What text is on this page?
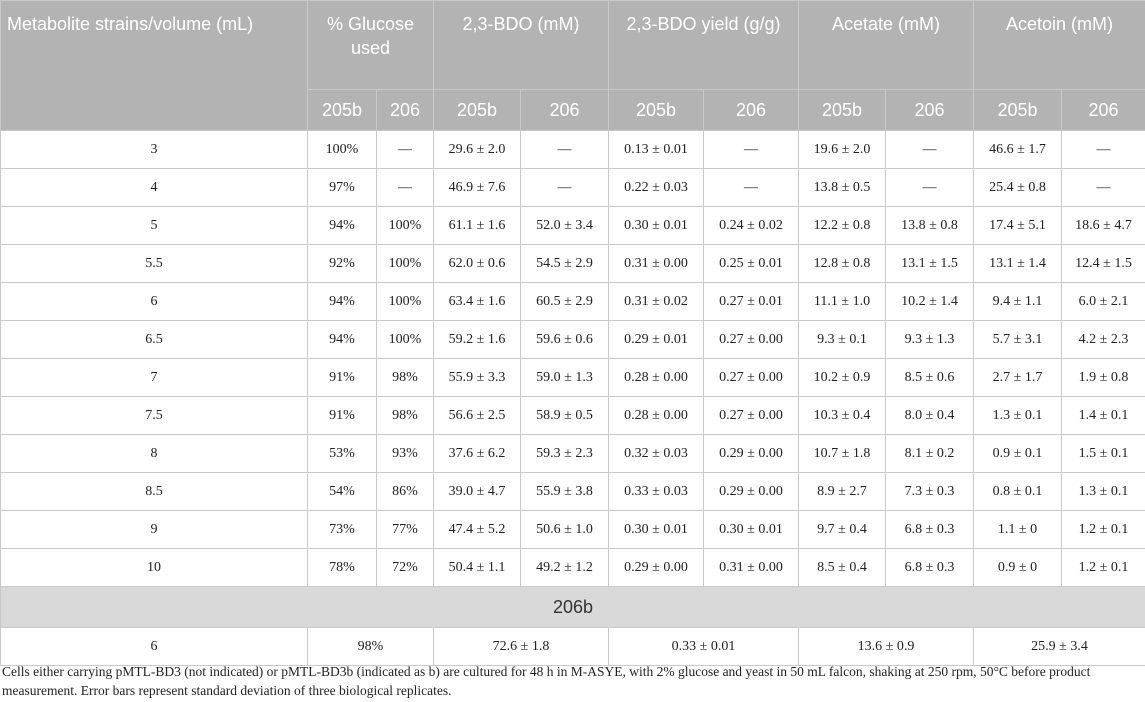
Metabolite strains/volume (mL)	% Glucose used		2,3-BDO (mM)		2,3-BDO yield (g/g)		Acetate (mM)		Acetoin (mM)	
	205b	206	205b	206	205b	206	205b	206	205b	206
3	100%	—	29.6 ± 2.0	—	0.13 ± 0.01	—	19.6 ± 2.0	—	46.6 ± 1.7	—
4	97%	—	46.9 ± 7.6	—	0.22 ± 0.03	—	13.8 ± 0.5	—	25.4 ± 0.8	—
5	94%	100%	61.1 ± 1.6	52.0 ± 3.4	0.30 ± 0.01	0.24 ± 0.02	12.2 ± 0.8	13.8 ± 0.8	17.4 ± 5.1	18.6 ± 4.7
5.5	92%	100%	62.0 ± 0.6	54.5 ± 2.9	0.31 ± 0.00	0.25 ± 0.01	12.8 ± 0.8	13.1 ± 1.5	13.1 ± 1.4	12.4 ± 1.5
6	94%	100%	63.4 ± 1.6	60.5 ± 2.9	0.31 ± 0.02	0.27 ± 0.01	11.1 ± 1.0	10.2 ± 1.4	9.4 ± 1.1	6.0 ± 2.1
6.5	94%	100%	59.2 ± 1.6	59.6 ± 0.6	0.29 ± 0.01	0.27 ± 0.00	9.3 ± 0.1	9.3 ± 1.3	5.7 ± 3.1	4.2 ± 2.3
7	91%	98%	55.9 ± 3.3	59.0 ± 1.3	0.28 ± 0.00	0.27 ± 0.00	10.2 ± 0.9	8.5 ± 0.6	2.7 ± 1.7	1.9 ± 0.8
7.5	91%	98%	56.6 ± 2.5	58.9 ± 0.5	0.28 ± 0.00	0.27 ± 0.00	10.3 ± 0.4	8.0 ± 0.4	1.3 ± 0.1	1.4 ± 0.1
8	53%	93%	37.6 ± 6.2	59.3 ± 2.3	0.32 ± 0.03	0.29 ± 0.00	10.7 ± 1.8	8.1 ± 0.2	0.9 ± 0.1	1.5 ± 0.1
8.5	54%	86%	39.0 ± 4.7	55.9 ± 3.8	0.33 ± 0.03	0.29 ± 0.00	8.9 ± 2.7	7.3 ± 0.3	0.8 ± 0.1	1.3 ± 0.1
9	73%	77%	47.4 ± 5.2	50.6 ± 1.0	0.30 ± 0.01	0.30 ± 0.01	9.7 ± 0.4	6.8 ± 0.3	1.1 ± 0	1.2 ± 0.1
10	78%	72%	50.4 ± 1.1	49.2 ± 1.2	0.29 ± 0.00	0.31 ± 0.00	8.5 ± 0.4	6.8 ± 0.3	0.9 ± 0	1.2 ± 0.1
206b										
6	98%		72.6 ± 1.8		0.33 ± 0.01		13.6 ± 0.9		25.9 ± 3.4	
Cells either carrying pMTL-BD3 (not indicated) or pMTL-BD3b (indicated as b) are cultured for 48 h in M-ASYE, with 2% glucose and yeast in 50 mL falcon, shaking at 250 rpm, 50°C before product measurement. Error bars represent standard deviation of three biological replicates.
